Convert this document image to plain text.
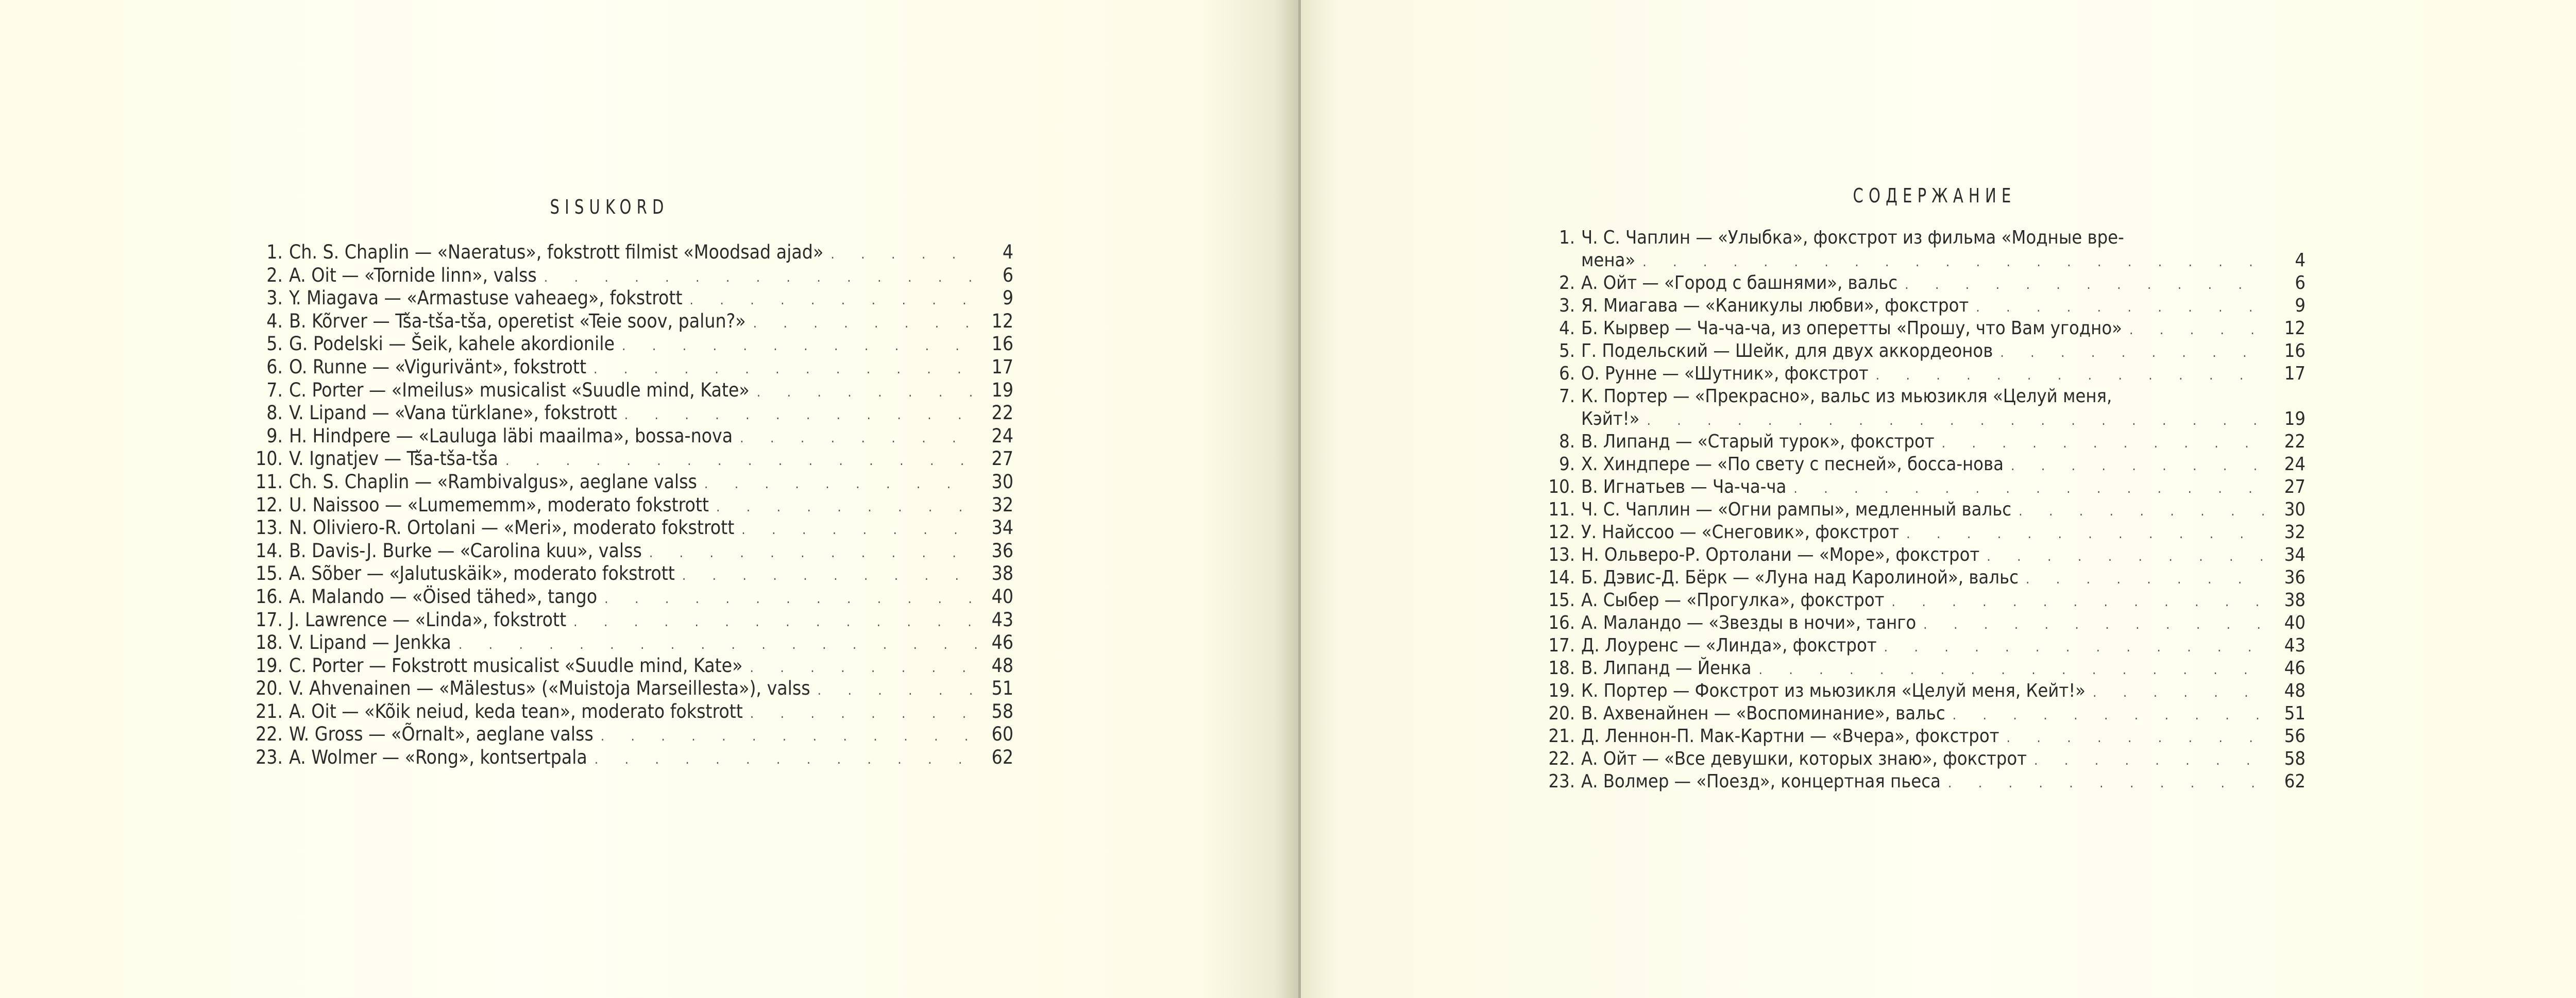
SISUKORD
1. Ch. S. Chaplin — «Naeratus», fokstrott filmist «Moodsad ajad» . . .	4
2. A. Oit — «Tornide linn», valss . . .	6
3. Y. Miagava — «Armastuse vaheaeg», fokstrott . . .	9
4. B. Kõrver — Tša-tša-tša, operetist «Teie soov, palun?» . . .	12
5. G. Podelski — Šeik, kahele akordionile . . .	16
6. O. Runne — «Vigurivänt», fokstrott . . .	17
7. C. Porter — «Imeilus» musicalist «Suudle mind, Kate» . . .	19
8. V. Lipand — «Vana türklane», fokstrott . . .	22
9. H. Hindpere — «Lauluga läbi maailma», bossa-nova . . .	24
10. V. Ignatjev — Tša-tša-tša . . .	27
11. Ch. S. Chaplin — «Rambivalgus», aeglane valss . . .	30
12. U. Naissoo — «Lumememm», moderato fokstrott . . .	32
13. N. Oliviero-R. Ortolani — «Meri», moderato fokstrott . . .	34
14. B. Davis-J. Burke — «Carolina kuu», valss . . .	36
15. A. Sõber — «Jalutuskäik», moderato fokstrott . . .	38
16. A. Malando — «Öised tähed», tango . . .	40
17. J. Lawrence — «Linda», fokstrott . . .	43
18. V. Lipand — Jenkka . . .	46
19. C. Porter — Fokstrott musicalist «Suudle mind, Kate» . . .	48
20. V. Ahvenainen — «Mälestus» («Muistoja Marseillesta»), valss . . .	51
21. A. Oit — «Kõik neiud, keda tean», moderato fokstrott . . .	58
22. W. Gross — «Õrnalt», aeglane valss . . .	60
23. A. Wolmer — «Rong», kontsertpala . . .	62
СОДЕРЖАНИЕ
1. Ч. С. Чаплин — «Улыбка», фокстрот из фильма «Модные вре-
мена» . . .	4
2. А. Ойт — «Город с башнями», вальс . . .	6
3. Я. Миагава — «Каникулы любви», фокстрот . . .	9
4. Б. Кырвер — Ча-ча-ча, из оперетты «Прошу, что Вам угодно» . . .	12
5. Г. Подельский — Шейк, для двух аккордеонов . . .	16
6. О. Рунне — «Шутник», фокстрот . . .	17
7. К. Портер — «Прекрасно», вальс из мьюзикля «Целуй меня,
Кэйт!» . . .	19
8. В. Липанд — «Старый турок», фокстрот . . .	22
9. Х. Хиндпере — «По свету с песней», босса-нова . . .	24
10. В. Игнатьев — Ча-ча-ча . . .	27
11. Ч. С. Чаплин — «Огни рампы», медленный вальс . . .	30
12. У. Найссоо — «Снеговик», фокстрот . . .	32
13. Н. Ольверо-Р. Ортолани — «Море», фокстрот . . .	34
14. Б. Дэвис-Д. Бёрк — «Луна над Каролиной», вальс . . .	36
15. А. Сыбер — «Прогулка», фокстрот . . .	38
16. А. Маландо — «Звезды в ночи», танго . . .	40
17. Д. Лоуренс — «Линда», фокстрот . . .	43
18. В. Липанд — Йенка . . .	46
19. К. Портер — Фокстрот из мьюзикля «Целуй меня, Кейт!» . . .	48
20. В. Ахвенайнен — «Воспоминание», вальс . . .	51
21. Д. Леннон-П. Мак-Картни — «Вчера», фокстрот . . .	56
22. А. Ойт — «Все девушки, которых знаю», фокстрот . . .	58
23. А. Волмер — «Поезд», концертная пьеса . . .	62
